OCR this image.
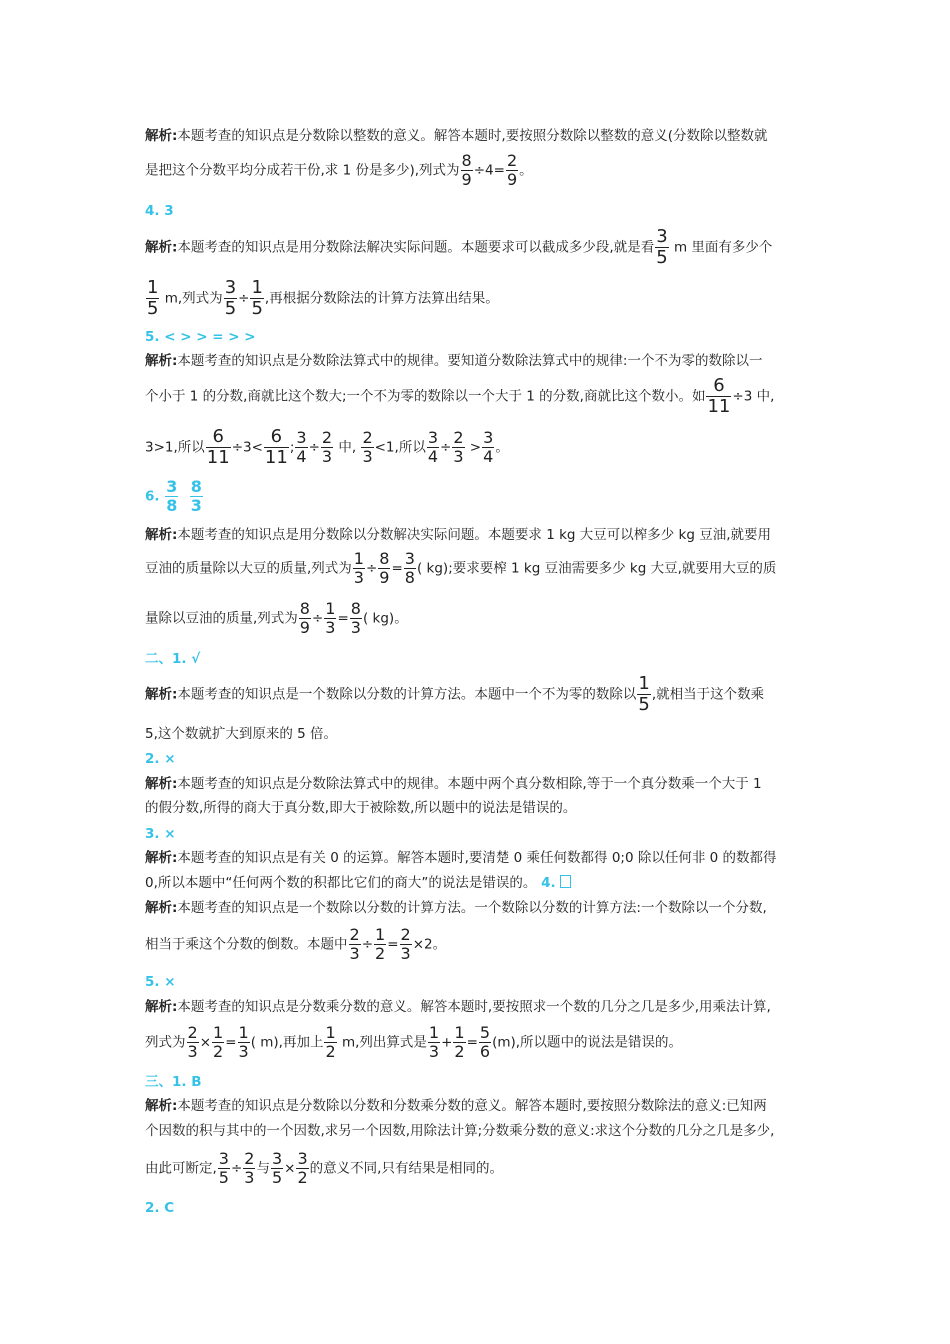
解析:本题考查的知识点是分数除以整数的意义。解答本题时,要按照分数除以整数的意义(分数除以整数就
是把这个分数平均分成若干份,求 1 份是多少),列式为 $\frac{8}{9} \div 4= \frac{2}{9}$ 。
4. 3
解析:本题考查的知识点是用分数除法解决实际问题。本题要求可以截成多少段,就是看 $\frac{3}{5}$ m 里面有多少个
$\frac{1}{5} m$,列式为 $\frac{3}{5} \div \frac{1}{5}$ ,再根据分数除法的计算方法算出结果。
5. < > > = > >
解析:本题考查的知识点是分数除法算式中的规律。要知道分数除法算式中的规律:一个不为零的数除以一
个小于 1 的分数,商就比这个数大;一个不为零的数除以一个大于 1 的分数,商就比这个数小。如 $\frac{6}{11} \div 3$ 中,
3>1,所以 $\frac{6}{11} \div 3< \frac{6}{11}$ ; $\frac{3}{4} \div \frac{2}{3}$ 中, $\frac{2}{3} <1$,所以 $\frac{3}{4} \div \frac{2}{3} > \frac{3}{4}$ 。
6. $\frac{3}{8}$
$\frac{8}{3}$
解析:本题考查的知识点是用分数除以分数解决实际问题。本题要求 1 kg 大豆可以榨多少 kg 豆油,就要用
豆油的质量除以大豆的质量,列式为 $\frac{1}{3} \div \frac{8}{9} = \frac{3}{8}$ ( kg);要求要榨 1 kg 豆油需要多少 kg 大豆,就要用大豆的质
量除以豆油的质量,列式为 $\frac{8}{9} \div \frac{1}{3} = \frac{8}{3}$ ( kg)。
二、1. √
解析:本题考查的知识点是一个数除以分数的计算方法。本题中一个不为零的数除以 $\frac{1}{5}$ ,就相当于这个数乘
5,这个数就扩大到原来的 5 倍。
2. ×
解析:本题考查的知识点是分数除法算式中的规律。本题中两个真分数相除,等于一个真分数乘一个大于 1
的假分数,所得的商大于真分数,即大于被除数,所以题中的说法是错误的。
3. ×
解析:本题考查的知识点是有关 0 的运算。解答本题时,要清楚 0 乘任何数都得 0;0 除以任何非 0 的数都得
0,所以本题中“任何两个数的积都比它们的商大”的说法是错误的。 4.
解析:本题考查的知识点是一个数除以分数的计算方法。一个数除以分数的计算方法:一个数除以一个分数,
相当于乘这个分数的倒数。本题中 $\frac{2}{3} \div \frac{1}{2} = \frac{2}{3} \times 2$。
5. ×
解析:本题考查的知识点是分数乘分数的意义。解答本题时,要按照求一个数的几分之几是多少,用乘法计算,
列式为 $\frac{2}{3} \times \frac{1}{2} = \frac{1}{3}$ ( m),再加上 $\frac{1}{2} m$,列出算式是 $\frac{1}{3} + \frac{1}{2} = \frac{5}{6} (m)$,所以题中的说法是错误的。
三、1. B
解析:本题考查的知识点是分数除以分数和分数乘分数的意义。解答本题时,要按照分数除法的意义:已知两
个因数的积与其中的一个因数,求另一个因数,用除法计算;分数乘分数的意义:求这个分数的几分之几是多少,
由此可断定, $\frac{3}{5} \div \frac{2}{3}$ 与 $\frac{3}{5} \times \frac{3}{2}$ 的意义不同,只有结果是相同的。
2. C
